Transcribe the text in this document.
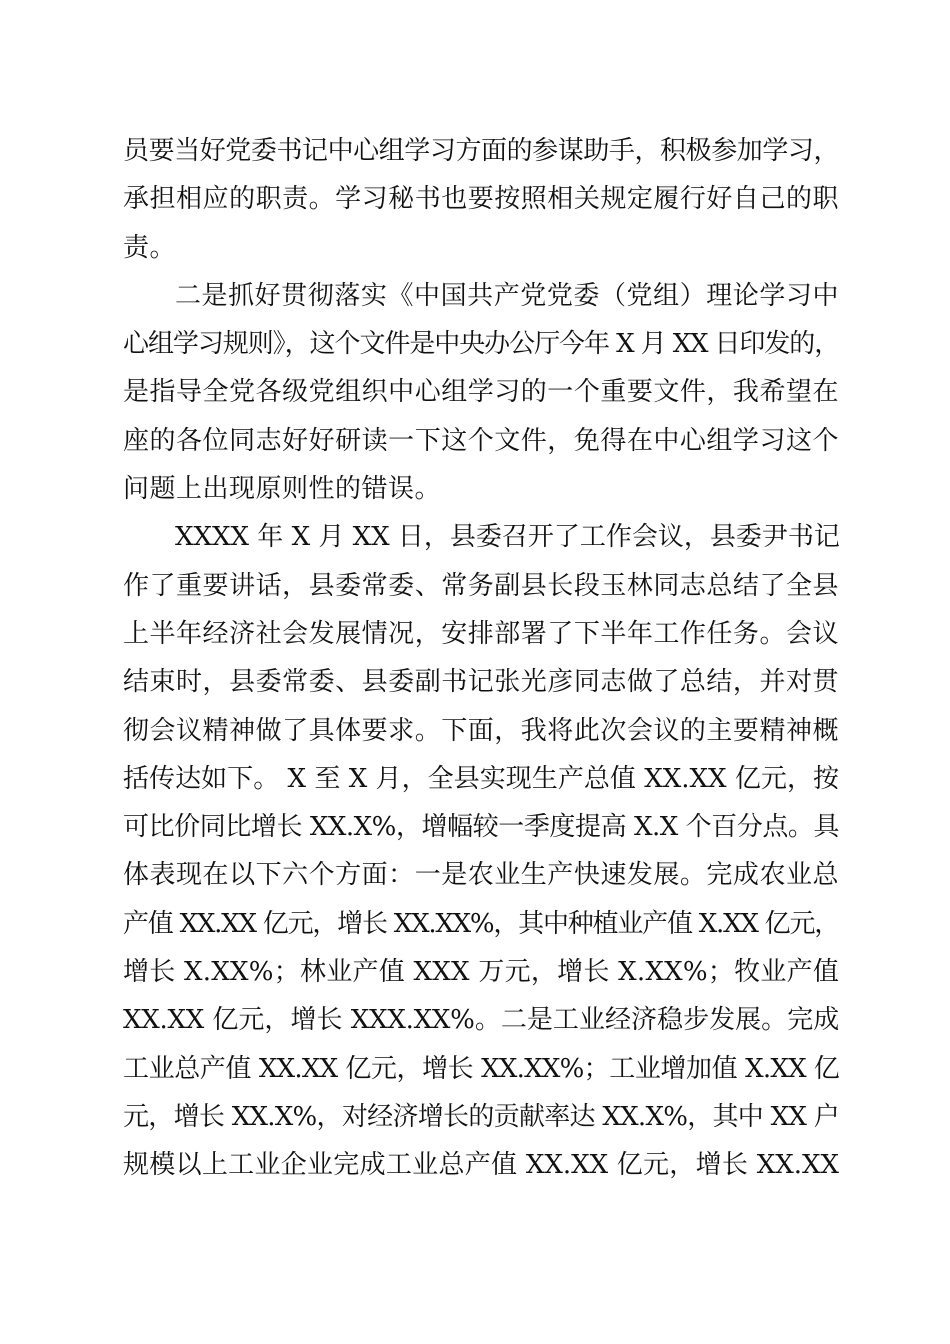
员要当好党委书记中心组学习方面的参谋助手，积极参加学习，
承担相应的职责。学习秘书也要按照相关规定履行好自己的职
责。
二是抓好贯彻落实《中国共产党党委（党组）理论学习中
心组学习规则》，这个文件是中央办公厅今年 X 月 XX 日印发的，
是指导全党各级党组织中心组学习的一个重要文件，我希望在
座的各位同志好好研读一下这个文件，免得在中心组学习这个
问题上出现原则性的错误。
XXXX 年 X 月 XX 日，县委召开了工作会议，县委尹书记
作了重要讲话，县委常委、常务副县长段玉林同志总结了全县
上半年经济社会发展情况，安排部署了下半年工作任务。会议
结束时，县委常委、县委副书记张光彦同志做了总结，并对贯
彻会议精神做了具体要求。下面，我将此次会议的主要精神概
括传达如下。 X 至 X 月，全县实现生产总值 XX.XX 亿元，按
可比价同比增长 XX.X%，增幅较一季度提高 X.X 个百分点。具
体表现在以下六个方面：一是农业生产快速发展。完成农业总
产值 XX.XX 亿元，增长 XX.XX%，其中种植业产值 X.XX 亿元，
增长 X.XX%；林业产值 XXX 万元，增长 X.XX%；牧业产值
XX.XX 亿元，增长 XXX.XX%。二是工业经济稳步发展。完成
工业总产值 XX.XX 亿元，增长 XX.XX%；工业增加值 X.XX 亿
元，增长 XX.X%，对经济增长的贡献率达 XX.X%，其中 XX 户
规模以上工业企业完成工业总产值 XX.XX 亿元，增长 XX.XX
